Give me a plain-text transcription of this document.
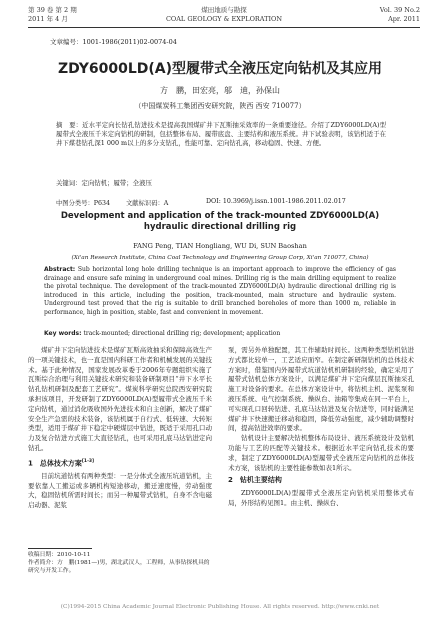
第 39 卷 第 2 期
2011 年 4 月
煤田地质与勘探
COAL GEOLOGY & EXPLORATION
Vol. 39 No.2
Apr. 2011
文章编号：1001-1986(2011)02-0074-04
ZDY6000LD(A)型履带式全液压定向钻机及其应用
方　鹏，田宏亮，邬　迪，孙保山
（中国煤炭科工集团西安研究院，陕西 西安 710077）
摘　要：近水平定向长钻孔钻进技术是提高我国煤矿井下瓦斯抽采效率的一条重要途径。介绍了ZDY6000LD(A)型履带式全液压千米定向钻机的研制，包括整体布局、履带底盘、主要结构和液压系统。井下试验表明，该钻机适于在井下煤巷钻孔深1 000 m以上的多分支钻孔，性能可靠、定向钻孔高，移动稳固、快速、方便。
关键词：定向钻机；履带；全液压
中图分类号：P634	文献标识码：A	DOI: 10.3969/j.issn.1001-1986.2011.02.017
Development and application of the track-mounted ZDY6000LD(A) hydraulic directional drilling rig
FANG Peng, TIAN Hongliang, WU Di, SUN Baoshan
(Xi'an Research Institute, China Coal Technology and Engineering Group Corp, Xi'an 710077, China)
Abstract: Sub horizontal long hole drilling technique is an important approach to improve the efficiency of gas drainage and ensure safe mining in underground coal mines. Drilling rig is the main drilling equipment to realize the pivotal technique. The development of the track-mounted ZDY6000LD(A) hydraulic directional drilling rig is introduced in this article, including the position, track-mounted, main structure and hydraulic system. Underground test proved that the rig is suitable to drill branched boreholes of more than 1000 m, reliable in performance, high in position, stable, fast and convenient in movement.
Key words: track-mounted; directional drilling rig; development; application

煤矿井下定向钻进技术是煤矿瓦斯高效抽采和保障高效生产的一项关键技术，也一直是国内科研工作者和机械发展的关键技术。基于此种情况，国家发展改革委于2006年专题组织实施了瓦斯综合治理与利用关键技术研究和装备研制项目“井下水平长钻孔钻机研制及配套工艺研究”。煤炭科学研究总院西安研究院承担该项目，开发研制了ZDY6000LD(A)型履带式全液压千米定向钻机，通过消化吸收国外先进技术和自主创新，解决了煤矿安全生产急需的技术装备，该钻机属于自行式、低转速、大转矩类型，适用于煤矿井下稳定中硬煤层中钻进，既适于采用孔口动力及复合钻进方式施工大直径钻孔，也可采用孔底马达钻进定向钻孔。

1　总体技术方案[1-3]

目前坑道钻机有两种类型：一是分体式全液压坑道钻机，主要依靠人工搬运或多辆机构短途移动，搬迁速度慢，劳动强度大，稳固钻机所需时间长；而另一种履带式钻机，自身不含电磁启动器、泥浆

泵，需另外单独配置，其工作辅助时间长。这两种类型钻机钻进方式都比较单一，工艺适应面窄。在制定新研制钻机的总体技术方案时，借鉴国内外履带式坑道钻机机研制的经验，确定采用了履带式钻机总体方案设计，以满足煤矿井下定向煤层瓦斯抽采孔施工对设备的要求。在总体方案设计中，将钻机主机、泥浆泵和液压系统、电气控制系统、操纵台、油箱等集成在同一平台上，可实现孔口回转钻进、孔底马达钻进及复合钻进等，同时能满足煤矿井下快速搬迁移动和稳固，降低劳动强度，减少辅助调整时间，提高钻进效率的要求。

钻机设计主要解决钻机整体布局设计、液压系统设计及钻机功能与工艺的匹配等关键技术。根据近水平定向钻孔技术的要求，制定了ZDY6000LD(A)型履带式全液压定向钻机的总体技术方案，该钻机的主要性能参数如表1所示。

2　钻机主要结构

ZDY6000LD(A)型履带式全液压定向钻机采用整体式布局，外形结构见图1。由主机、操纵台、

收稿日期：2010-10-11
作者简介：方　鹏(1981—)男，湖北武汉人，工程师，从事钻探机具的研究与开发工作。
(C)1994-2015 China Academic Journal Electronic Publishing House. All rights reserved. http://www.cnki.net
